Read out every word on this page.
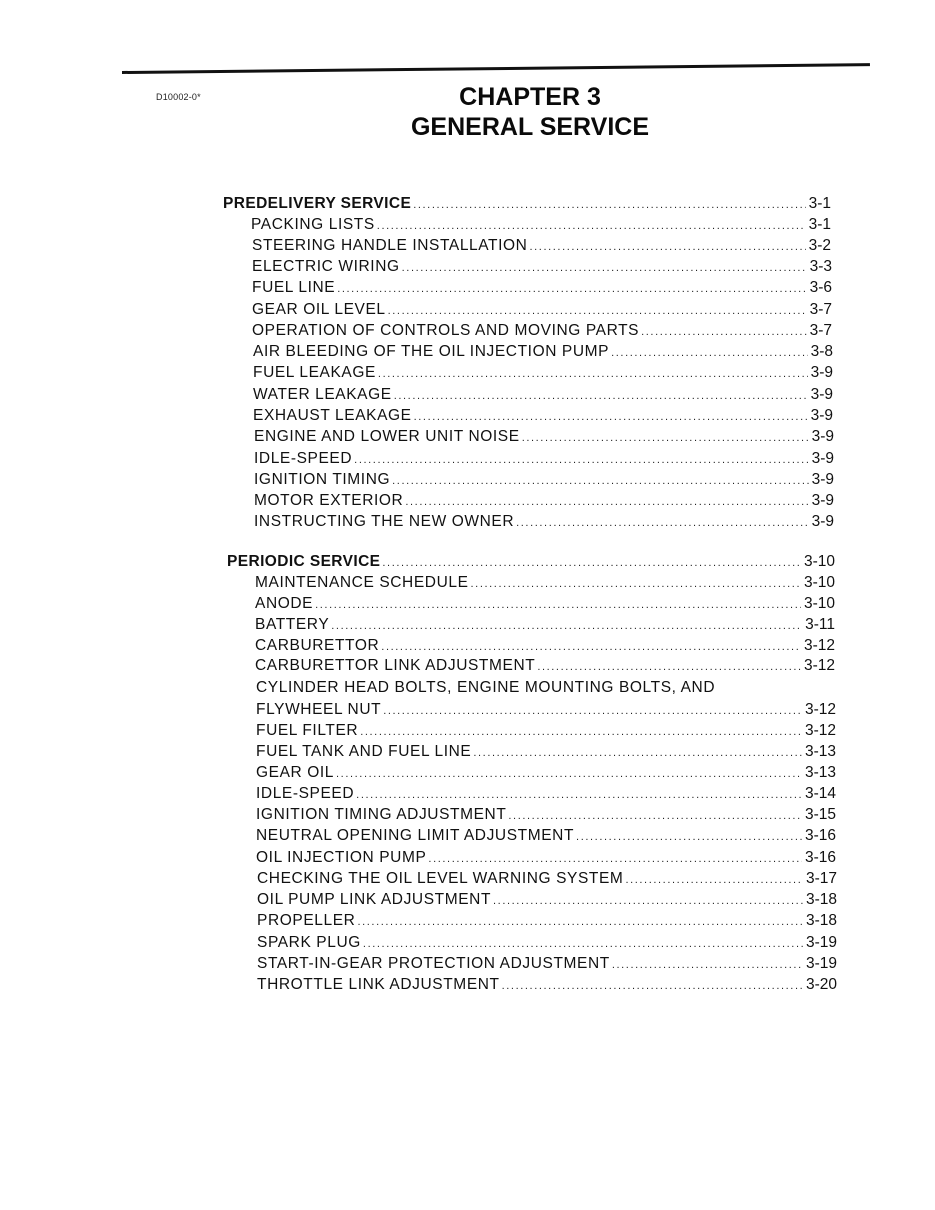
D10002-0*	CHAPTER 3
GENERAL SERVICE
PREDELIVERY SERVICE .....	3-1
PACKING LISTS .....	3-1
STEERING HANDLE INSTALLATION .....	3-2
ELECTRIC WIRING .....	3-3
FUEL LINE .....	3-6
GEAR OIL LEVEL .....	3-7
OPERATION OF CONTROLS AND MOVING PARTS .....	3-7
AIR BLEEDING OF THE OIL INJECTION PUMP .....	3-8
FUEL LEAKAGE .....	3-9
WATER LEAKAGE .....	3-9
EXHAUST LEAKAGE .....	3-9
ENGINE AND LOWER UNIT NOISE .....	3-9
IDLE-SPEED .....	3-9
IGNITION TIMING .....	3-9
MOTOR EXTERIOR .....	3-9
INSTRUCTING THE NEW OWNER .....	3-9
PERIODIC SERVICE .....	3-10
MAINTENANCE SCHEDULE .....	3-10
ANODE .....	3-10
BATTERY .....	3-11
CARBURETTOR .....	3-12
CARBURETTOR LINK ADJUSTMENT .....	3-12
CYLINDER HEAD BOLTS, ENGINE MOUNTING BOLTS, AND
FLYWHEEL NUT .....	3-12
FUEL FILTER .....	3-12
FUEL TANK AND FUEL LINE .....	3-13
GEAR OIL .....	3-13
IDLE-SPEED .....	3-14
IGNITION TIMING ADJUSTMENT .....	3-15
NEUTRAL OPENING LIMIT ADJUSTMENT .....	3-16
OIL INJECTION PUMP .....	3-16
CHECKING THE OIL LEVEL WARNING SYSTEM .....	3-17
OIL PUMP LINK ADJUSTMENT .....	3-18
PROPELLER .....	3-18
SPARK PLUG .....	3-19
START-IN-GEAR PROTECTION ADJUSTMENT .....	3-19
THROTTLE LINK ADJUSTMENT .....	3-20
